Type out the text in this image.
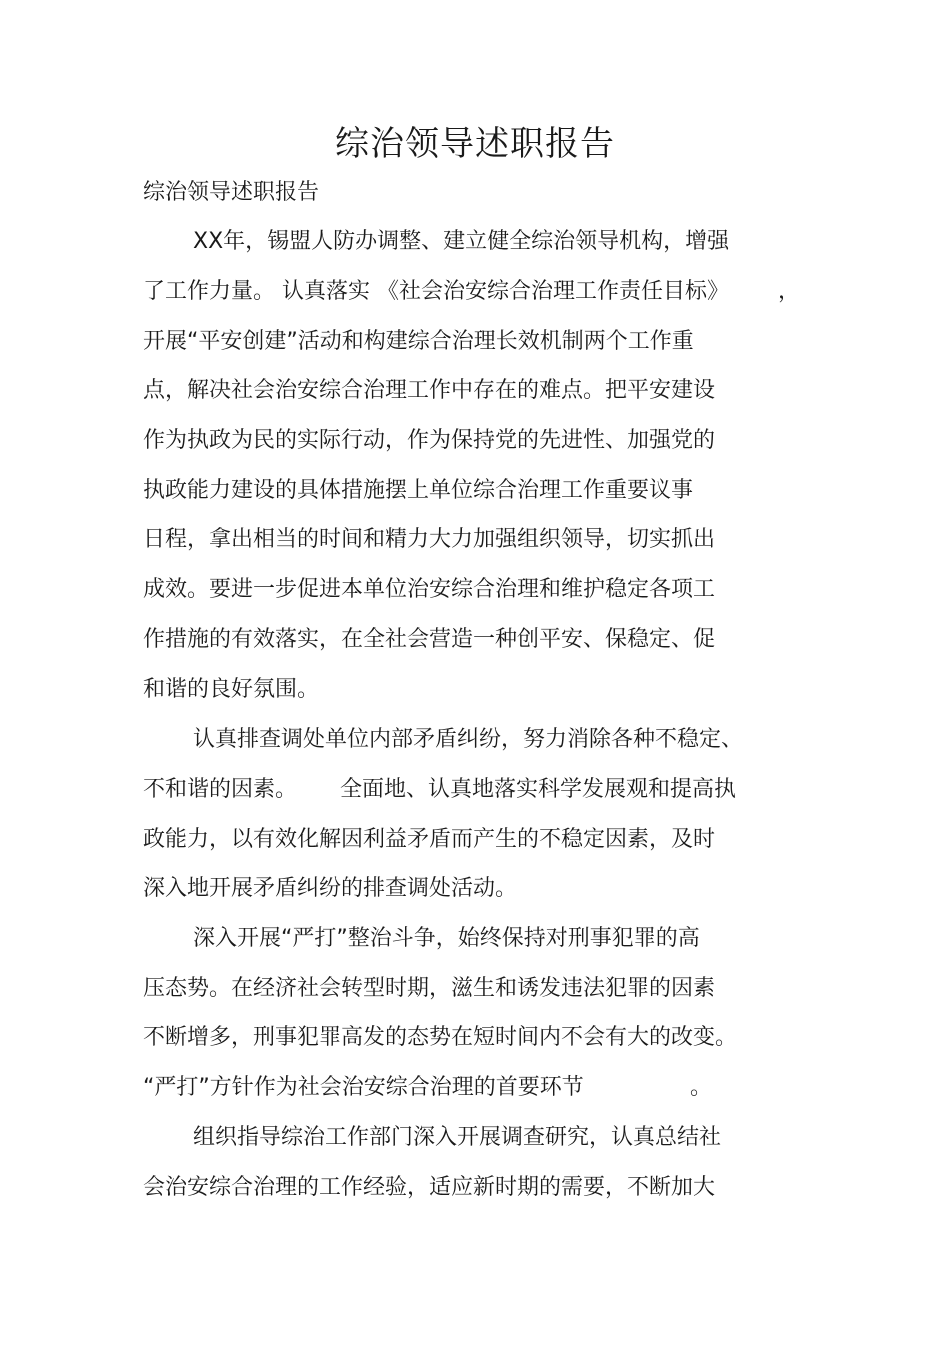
综治领导述职报告
综治领导述职报告
XX年，锡盟人防办调整、建立健全综治领导机构，增强
了工作力量。 认真落实 《社会治安综合治理工作责任目标》 ，
开展“平安创建”活动和构建综合治理长效机制两个工作重
点，解决社会治安综合治理工作中存在的难点。把平安建设
作为执政为民的实际行动，作为保持党的先进性、加强党的
执政能力建设的具体措施摆上单位综合治理工作重要议事
日程，拿出相当的时间和精力大力加强组织领导，切实抓出
成效。要进一步促进本单位治安综合治理和维护稳定各项工
作措施的有效落实，在全社会营造一种创平安、保稳定、促
和谐的良好氛围。
认真排查调处单位内部矛盾纠纷，努力消除各种不稳定、
不和谐的因素。 全面地、认真地落实科学发展观和提高执
政能力，以有效化解因利益矛盾而产生的不稳定因素，及时
深入地开展矛盾纠纷的排查调处活动。
深入开展“严打”整治斗争，始终保持对刑事犯罪的高
压态势。在经济社会转型时期，滋生和诱发违法犯罪的因素
不断增多，刑事犯罪高发的态势在短时间内不会有大的改变。
“严打”方针作为社会治安综合治理的首要环节	。
组织指导综治工作部门深入开展调查研究，认真总结社
会治安综合治理的工作经验，适应新时期的需要，不断加大
